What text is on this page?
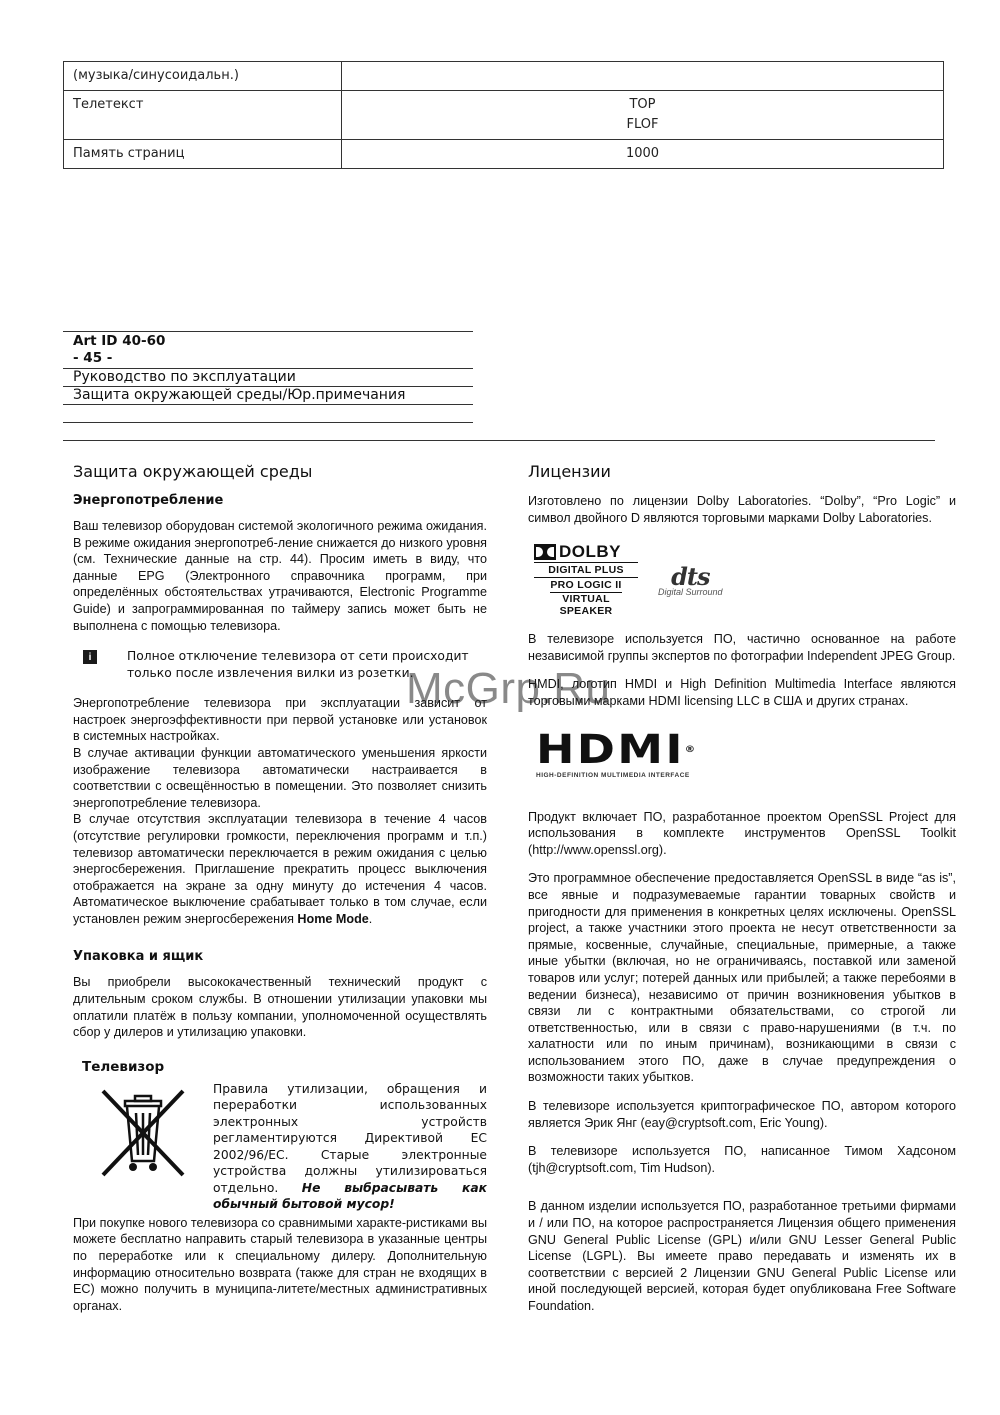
(музыка/синусоидальн.)	
Телетекст	TOP
FLOF

Память страниц	1000
Art ID 40-60
- 45 -
Руководство по эксплуатации
Защита окружающей среды/Юр.примечания
Защита окружающей среды
Энергопотребление

Ваш телевизор оборудован системой экологичного режима ожидания. В режиме ожидания энергопотреб-ление снижается до низкого уровня (см. Технические данные на стр. 44). Просим иметь в виду, что данные EPG (Электронного справочника программ, при определённых обстоятельствах утрачиваются, Electronic Programme Guide) и запрограммированная по таймеру запись может быть не выполнена с помощью телевизора.

i	Полное отключение телевизора от сети происходит только после извлечения вилки из розетки.

Энергопотребление телевизора при эксплуатации зависит от настроек энергоэффективности при первой установке или установок в системных настройках.

В случае активации функции автоматического уменьшения яркости изображение телевизора автоматически настраивается в соответствии с освещённостью в помещении. Это позволяет снизить энергопотребление телевизора.

В случае отсутствия эксплуатации телевизора в течение 4 часов (отсутствие регулировки громкости, переключения программ и т.п.) телевизор автоматически переключается в режим ожидания с целью энергосбережения. Приглашение прекратить процесс выключения отображается на экране за одну минуту до истечения 4 часов. Автоматическое выключение срабатывает только в том случае, если установлен режим энергосбережения Home Mode.

Упаковка и ящик

Вы приобрели высококачественный технический продукт с длительным сроком службы. В отношении утилизации упаковки мы оплатили платёж в пользу компании, уполномоченной осуществлять сбор у дилеров и утилизацию упаковки.

Телевизор
Правила утилизации, обращения и переработки использованных электронных устройств регламентируются Директивой ЕС 2002/96/ЕС. Старые электронные устройства должны утилизироваться отдельно. Не выбрасывать как обычный бытовой мусор!

При покупке нового телевизора со сравнимыми характе-ристиками вы можете бесплатно направить старый телевизора в указанные центры по переработке или к специальному дилеру. Дополнительную информацию относительно возврата (также для стран не входящих в ЕС) можно получить в муниципа-литете/местных административных органах.

Лицензии

Изготовлено по лицензии Dolby Laboratories. “Dolby”, “Pro Logic” и символ двойного D являются торговыми марками Dolby Laboratories.

DOLBY
DIGITAL PLUS
PRO LOGIC II
VIRTUAL SPEAKER
dts
Digital Surround

В телевизоре используется ПО, частично основанное на работе независимой группы экспертов по фотографии Independent JPEG Group.

HMDI, логотип HMDI и High Definition Multimedia Interface являются торговыми марками HDMI licensing LLC в США и других странах.

HDMI®
HIGH-DEFINITION MULTIMEDIA INTERFACE

Продукт включает ПО, разработанное проектом OpenSSL Project для использования в комплекте инструментов OpenSSL Toolkit (http://www.openssl.org).

Это программное обеспечение предоставляется OpenSSL в виде “as is”, все явные и подразумеваемые гарантии товарных свойств и пригодности для применения в конкретных целях исключены. OpenSSL project, а также участники этого проекта не несут ответственности за прямые, косвенные, случайные, специальные, примерные, а также иные убытки (включая, но не ограничиваясь, поставкой или заменой товаров или услуг; потерей данных или прибылей; а также перебоями в ведении бизнеса), независимо от причин возникновения убытков в связи ли с контрактными обязательствами, со строгой ли ответственностью, или в связи с право-нарушениями (в т.ч. по халатности или по иным причинам), возникающими в связи с использованием этого ПО, даже в случае предупреждения о возможности таких убытков.

В телевизоре используется криптографическое ПО, автором которого является Эрик Янг (eay@cryptsoft.com, Eric Young).

В телевизоре используется ПО, написанное Тимом Хадсоном (tjh@cryptsoft.com, Tim Hudson).

В данном изделии используется ПО, разработанное третьими фирмами и / или ПО, на которое распространяется Лицензия общего применения GNU General Public License (GPL) и/или GNU Lesser General Public License (LGPL). Вы имеете право передавать и изменять их в соответствии с версией 2 Лицензии GNU General Public License или иной последующей версией, которая будет опубликована Free Software Foundation.

McGrp.Ru
